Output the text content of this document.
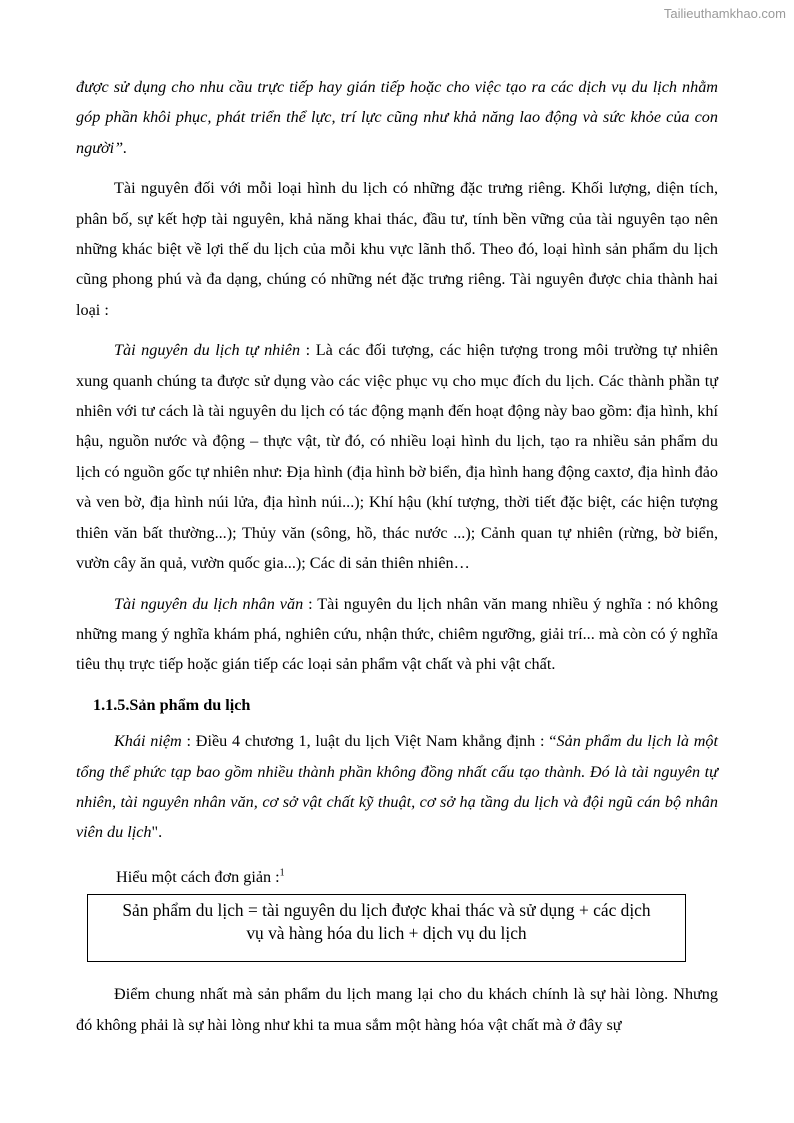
Tailieuthamkhao.com

được sử dụng cho nhu cầu trực tiếp hay gián tiếp hoặc cho việc tạo ra các dịch vụ du lịch nhằm góp phần khôi phục, phát triển thể lực, trí lực cũng như khả năng lao động và sức khỏe của con người”.

Tài nguyên đối với mỗi loại hình du lịch có những đặc trưng riêng. Khối lượng, diện tích, phân bố, sự kết hợp tài nguyên, khả năng khai thác, đầu tư, tính bền vững của tài nguyên tạo nên những khác biệt về lợi thế du lịch của mỗi khu vực lãnh thổ. Theo đó, loại hình sản phẩm du lịch cũng phong phú và đa dạng, chúng có những nét đặc trưng riêng. Tài nguyên được chia thành hai loại :

Tài nguyên du lịch tự nhiên : Là các đối tượng, các hiện tượng trong môi trường tự nhiên xung quanh chúng ta được sử dụng vào các việc phục vụ cho mục đích du lịch. Các thành phần tự nhiên với tư cách là tài nguyên du lịch có tác động mạnh đến hoạt động này bao gồm: địa hình, khí hậu, nguồn nước và động – thực vật, từ đó, có nhiều loại hình du lịch, tạo ra nhiều sản phẩm du lịch có nguồn gốc tự nhiên như: Địa hình (địa hình bờ biển, địa hình hang động caxtơ, địa hình đảo và ven bờ, địa hình núi lửa, địa hình núi...); Khí hậu (khí tượng, thời tiết đặc biệt, các hiện tượng thiên văn bất thường...); Thủy văn (sông, hồ, thác nước ...); Cảnh quan tự nhiên (rừng, bờ biển, vườn cây ăn quả, vườn quốc gia...); Các di sản thiên nhiên…

Tài nguyên du lịch nhân văn : Tài nguyên du lịch nhân văn mang nhiều ý nghĩa : nó không những mang ý nghĩa khám phá, nghiên cứu, nhận thức, chiêm ngưỡng, giải trí... mà còn có ý nghĩa tiêu thụ trực tiếp hoặc gián tiếp các loại sản phẩm vật chất và phi vật chất.

1.1.5.Sản phẩm du lịch

Khái niệm : Điều 4 chương 1, luật du lịch Việt Nam khẳng định : “Sản phẩm du lịch là một tổng thể phức tạp bao gồm nhiều thành phần không đồng nhất cấu tạo thành. Đó là tài nguyên tự nhiên, tài nguyên nhân văn, cơ sở vật chất kỹ thuật, cơ sở hạ tầng du lịch và đội ngũ cán bộ nhân viên du lịch".

Hiểu một cách đơn giản :$^1$

Sản phẩm du lịch = tài nguyên du lịch được khai thác và sử dụng + các dịch
vụ và hàng hóa du lich + dịch vụ du lịch

Điểm chung nhất mà sản phẩm du lịch mang lại cho du khách chính là sự hài lòng. Nhưng đó không phải là sự hài lòng như khi ta mua sắm một hàng hóa vật chất mà ở đây sự
